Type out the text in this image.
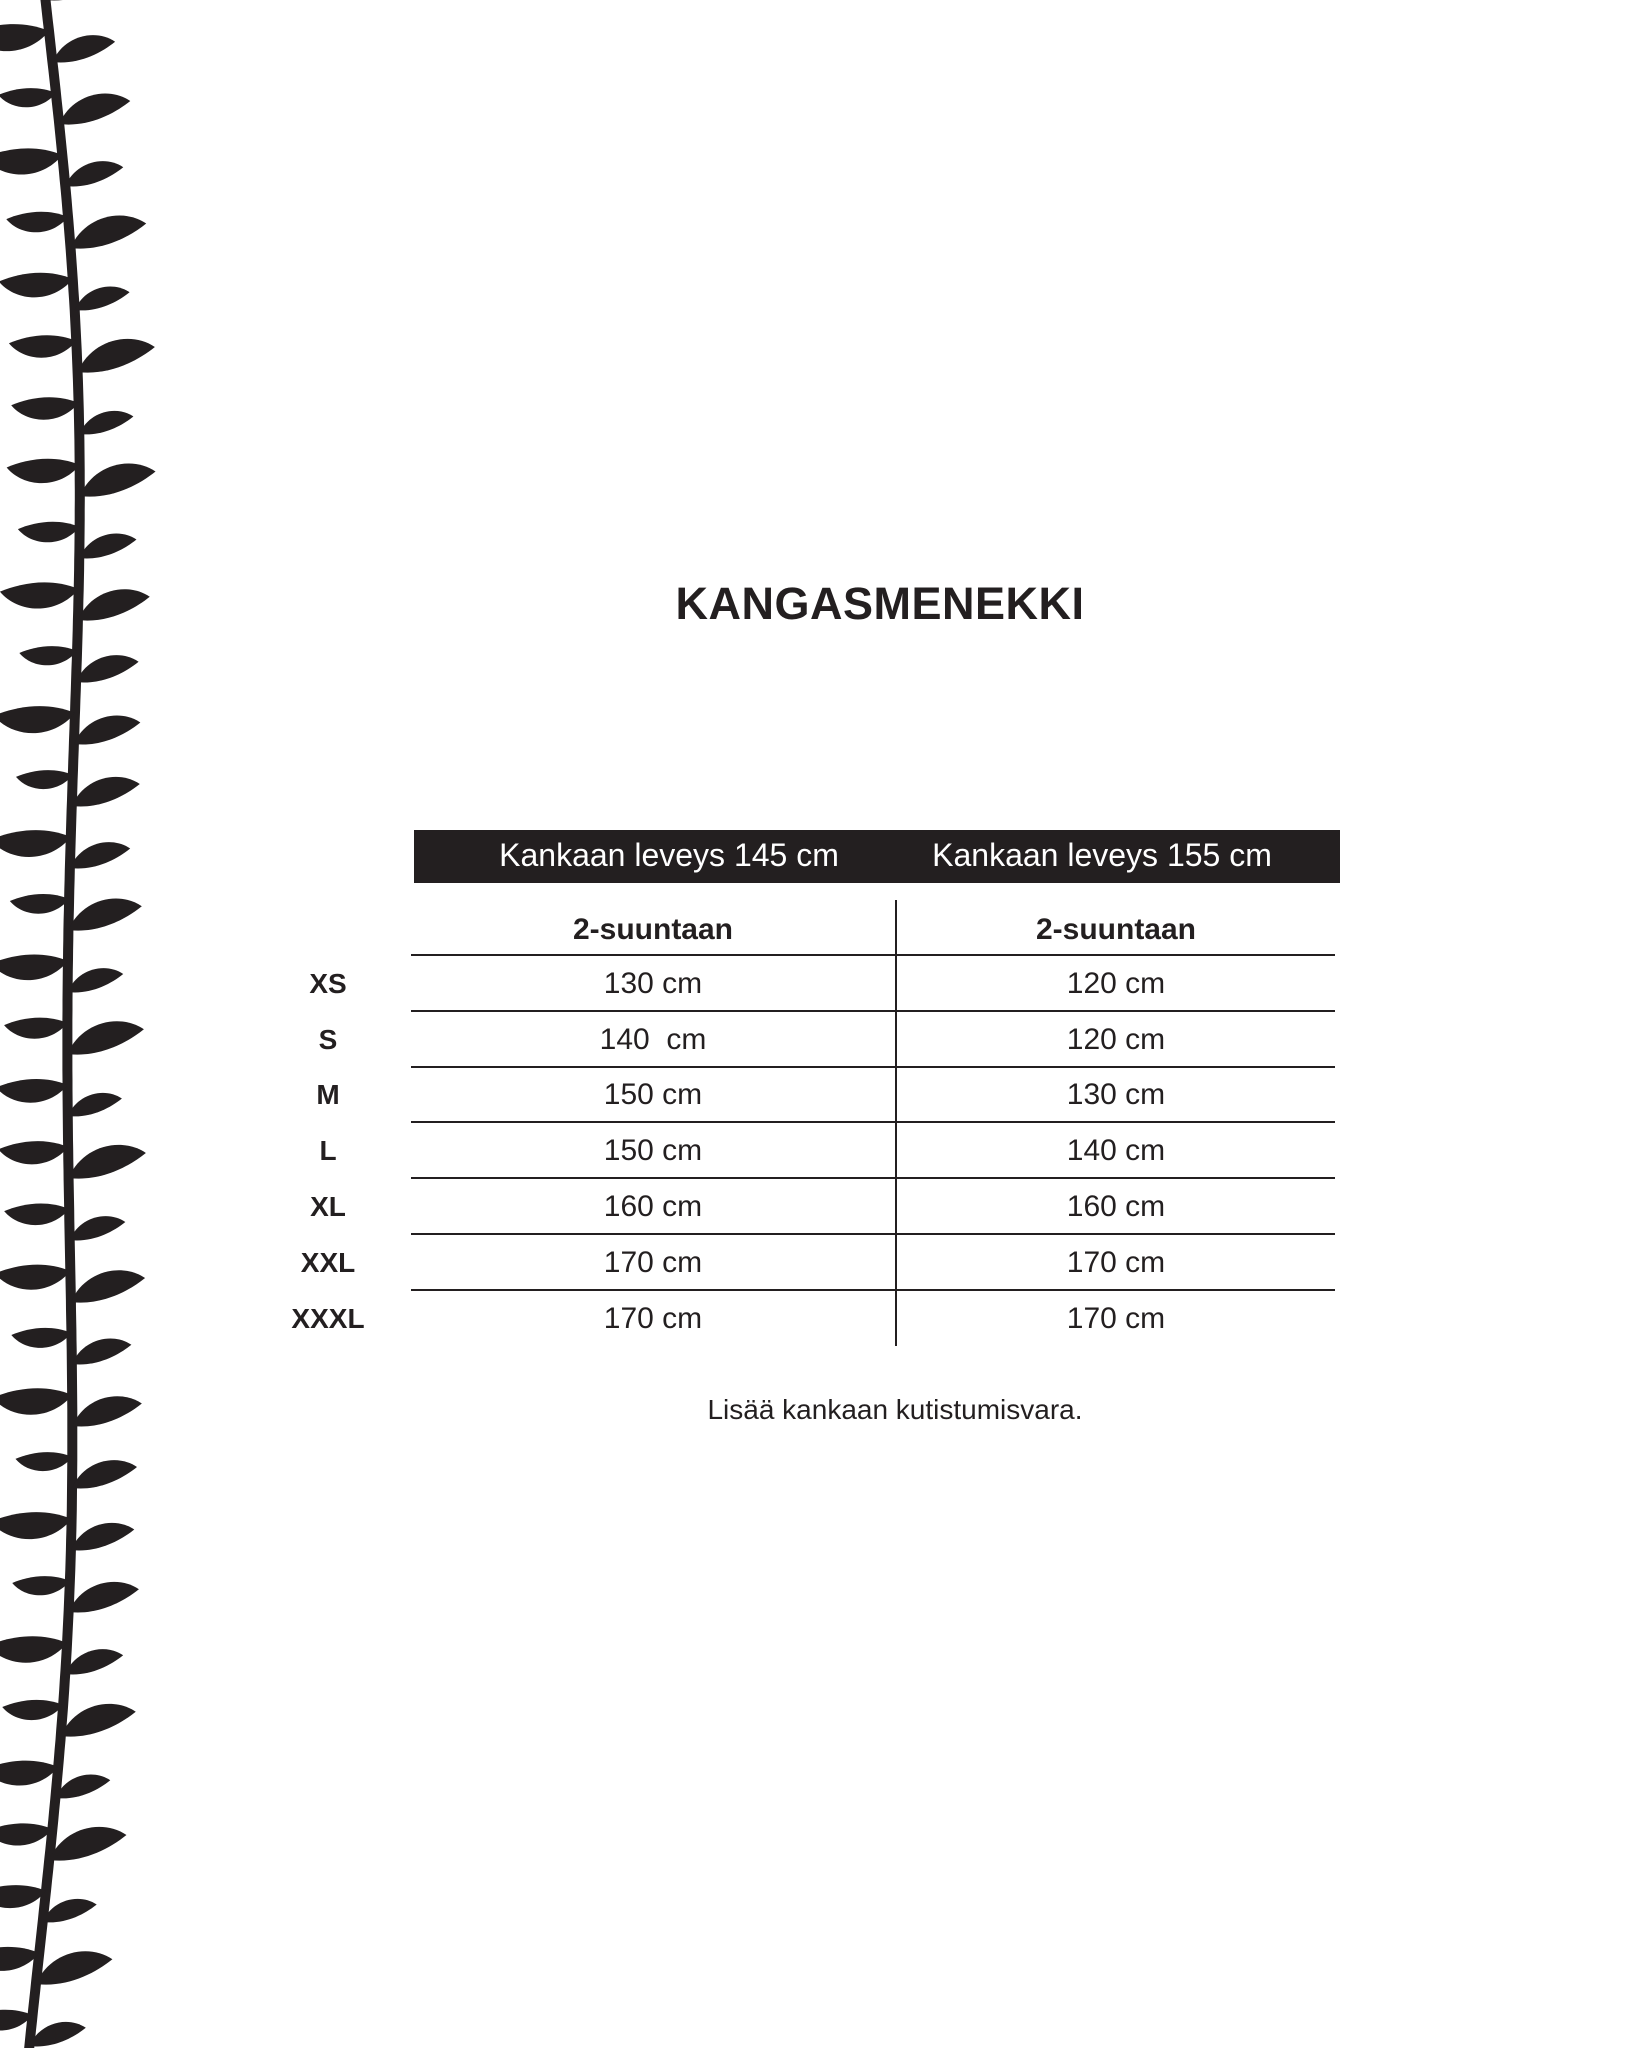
KANGASMENEKKI
Kankaan leveys 145 cm	Kankaan leveys 155 cm
2-suuntaan	2-suuntaan
XS	130 cm	120 cm
S	140  cm	120 cm
M	150 cm	130 cm
L	150 cm	140 cm
XL	160 cm	160 cm
XXL	170 cm	170 cm
XXXL	170 cm	170 cm
Lisää kankaan kutistumisvara.
